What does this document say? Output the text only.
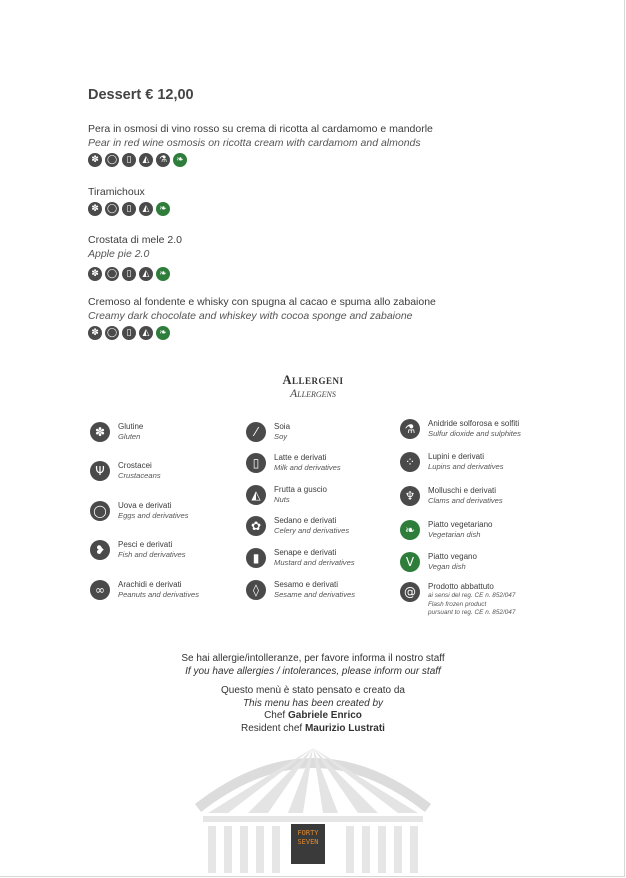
Dessert € 12,00
Pera in osmosi di vino rosso su crema di ricotta al cardamomo e mandorle
Pear in red wine osmosis on ricotta cream with cardamom and almonds
✽ ◯	▯	◭	⚗	❧
Tiramichoux
✽ ◯	▯	◭	❧
Crostata di mele 2.0
Apple pie 2.0
✽ ◯	▯	◭	❧
Cremoso al fondente e whisky con spugna al cacao e spuma allo zabaione
Creamy dark chocolate and whiskey with cocoa sponge and zabaione
✽ ◯	▯	◭	❧
Allergeni
Allergens
✽	Glutine
Gluten
Ψ	Crostacei
Crustaceans
◯	Uova e derivati
Eggs and derivatives
❥	Pesci e derivati
Fish and derivatives
∞	Arachidi e derivati
Peanuts and derivatives
⁄	Soia
Soy
▯	Latte e derivati
Milk and derivatives
◭	Frutta a guscio
Nuts
✿	Sedano e derivati
Celery and derivatives
▮	Senape e derivati
Mustard and derivatives
◊	Sesamo e derivati
Sesame and derivatives
⚗	Anidride solforosa e solfiti
Sulfur dioxide and sulphites
⁘	Lupini e derivati
Lupins and derivatives
♆	Molluschi e derivati
Clams and derivatives
❧	Piatto vegetariano
Vegetarian dish
V	Piatto vegano
Vegan dish
@	Prodotto abbattuto
ai sensi del reg. CE n. 852/047
Flash frozen product
pursuant to reg. CE n. 852/047
Se hai allergie/intolleranze, per favore informa il nostro staff
If you have allergies / intolerances, please inform our staff
Questo menù è stato pensato e creato da
This menu has been created by
Chef Gabriele Enrico
Resident chef Maurizio Lustrati
FORTY
SEVEN
